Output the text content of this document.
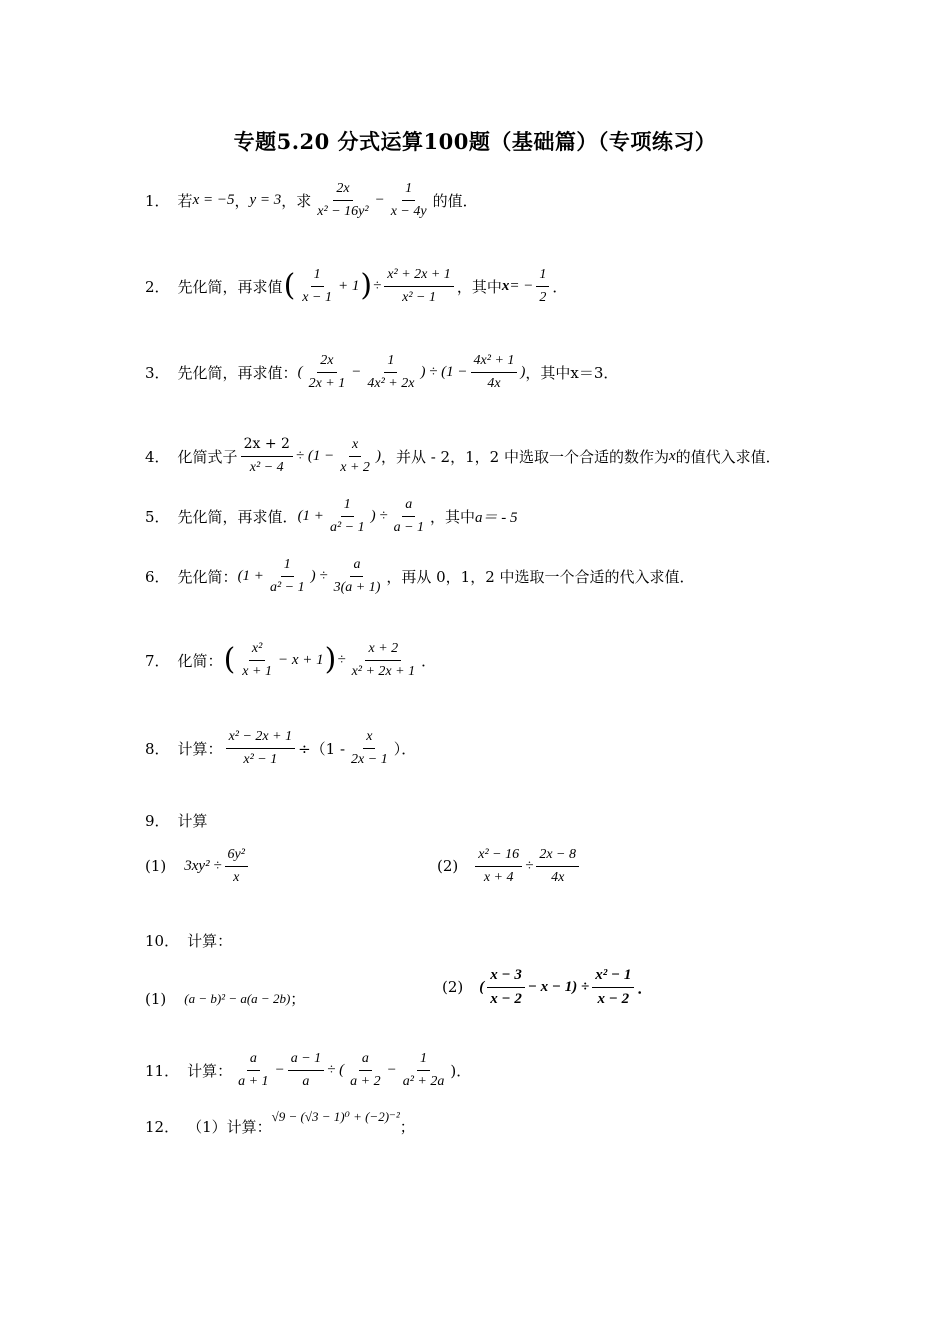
专题5.20 分式运算100题（基础篇）（专项练习）
1． 若 x = −5 ， y = 3 ，求 $\frac{2x}{\text{x² − 16y²}} - \frac{1}{x - 4y}$ 的值．
2． 先化简，再求值 ( $\frac{1}{x - 1} + 1$ ) ÷ $\frac{\text{x² + 2x + 1}}{\text{x² − 1}}$ ，其中 x = − $\frac{1}{2}$ ．
3． 先化简，再求值： ( $\frac{2x}{2x + 1} - \frac{1}{\text{4x² + 2x}}$ ) ÷ ($1 - \frac{\text{4x² + 1}}{4x}$ ) ，其中 x＝3．
4． 化简式子 $\frac{2x + 2}{\text{x² − 4}} \div (1 - \frac{x}{x + 2}$ ) ，并从 - 2，1，2 中选取一个合适的数作为 x 的值代入求值．
5． 先化简，再求值． ($1 + \frac{1}{\text{a² − 1}}$ ) ÷ $\frac{a}{a - 1}$ ，其中 a＝ - 5
6． 先化简： ($1 + \frac{1}{\text{a² − 1}}$ ) ÷ $\frac{a}{3(a + 1)}$ ，再从 0，1，2 中选取一个合适的代入求值．
7． 化简： ( $\frac{\text{x²}}{x + 1} - x + 1$ ) ÷ $\frac{x + 2}{\text{x² + 2x + 1}}$ ．
8． 计算： $\frac{\text{x² − 2x + 1}}{\text{x² − 1}} \div(1 - \frac{x}{2x - 1}$ ）．
9． 计算
(1) $3xy^2 \div \frac{\text{6y²}}{x}$	$(2) \frac{\text{x² − 16}}{x + 4} \div \frac{2x - 8}{4x}$
10． 计算：
(1) (a − b)² − a(a − 2b) ；
(2) ( $\frac{x - 3}{x - 2} - x - 1) \div \frac{\text{x² − 1}}{x - 2}$ ．
11． 计算： $\frac{a}{a + 1} - \frac{a - 1}{a}$ ÷ ( $\frac{a}{a + 2} - \frac{1}{\text{a² + 2a}}$ )．
12． （1）计算：
√9 − (√3 − 1)⁰ + (−2)⁻²
；
